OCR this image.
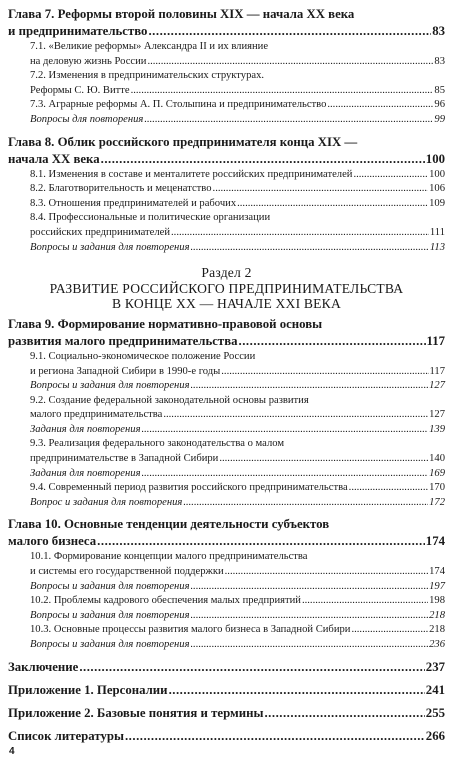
Глава 7. Реформы второй половины XIX — начала XX века
и предпринимательство .....	83
7.1. «Великие реформы» Александра II и их влияние
на деловую жизнь России .....	83
7.2. Изменения в предпринимательских структурах.
Реформы С. Ю. Витте .....	85
7.3. Аграрные реформы А. П. Столыпина и предпринимательство .....	96
Вопросы для повторения .....	99
Глава 8. Облик российского предпринимателя конца XIX —
начала XX века .....	100
8.1. Изменения в составе и менталитете российских предпринимателей .....	100
8.2. Благотворительность и меценатство .....	106
8.3. Отношения предпринимателей и рабочих .....	109
8.4. Профессиональные и политические организации
российских предпринимателей .....	111
Вопросы и задания для повторения .....	113
Раздел 2
РАЗВИТИЕ РОССИЙСКОГО ПРЕДПРИНИМАТЕЛЬСТВА
В КОНЦЕ XX — НАЧАЛЕ XXI ВЕКА
Глава 9. Формирование нормативно-правовой основы
развития малого предпринимательства .....	117
9.1. Социально-экономическое положение России
и региона Западной Сибири в 1990-е годы .....	117
Вопросы и задания для повторения .....	127
9.2. Создание федеральной законодательной основы развития
малого предпринимательства .....	127
Задания для повторения .....	139
9.3. Реализация федерального законодательства о малом
предпринимательстве в Западной Сибири .....	140
Задания для повторения .....	169
9.4. Современный период развития российского предпринимательства .....	170
Вопрос и задания для повторения .....	172
Глава 10. Основные тенденции деятельности субъектов
малого бизнеса .....	174
10.1. Формирование концепции малого предпринимательства
и системы его государственной поддержки .....	174
Вопросы и задания для повторения .....	197
10.2. Проблемы кадрового обеспечения малых предприятий .....	198
Вопросы и задания для повторения .....	218
10.3. Основные процессы развития малого бизнеса в Западной Сибири .....	218
Вопросы и задания для повторения .....	236
Заключение .....	237
Приложение 1. Персоналии .....	241
Приложение 2. Базовые понятия и термины .....	255
Список литературы .....	266
4
